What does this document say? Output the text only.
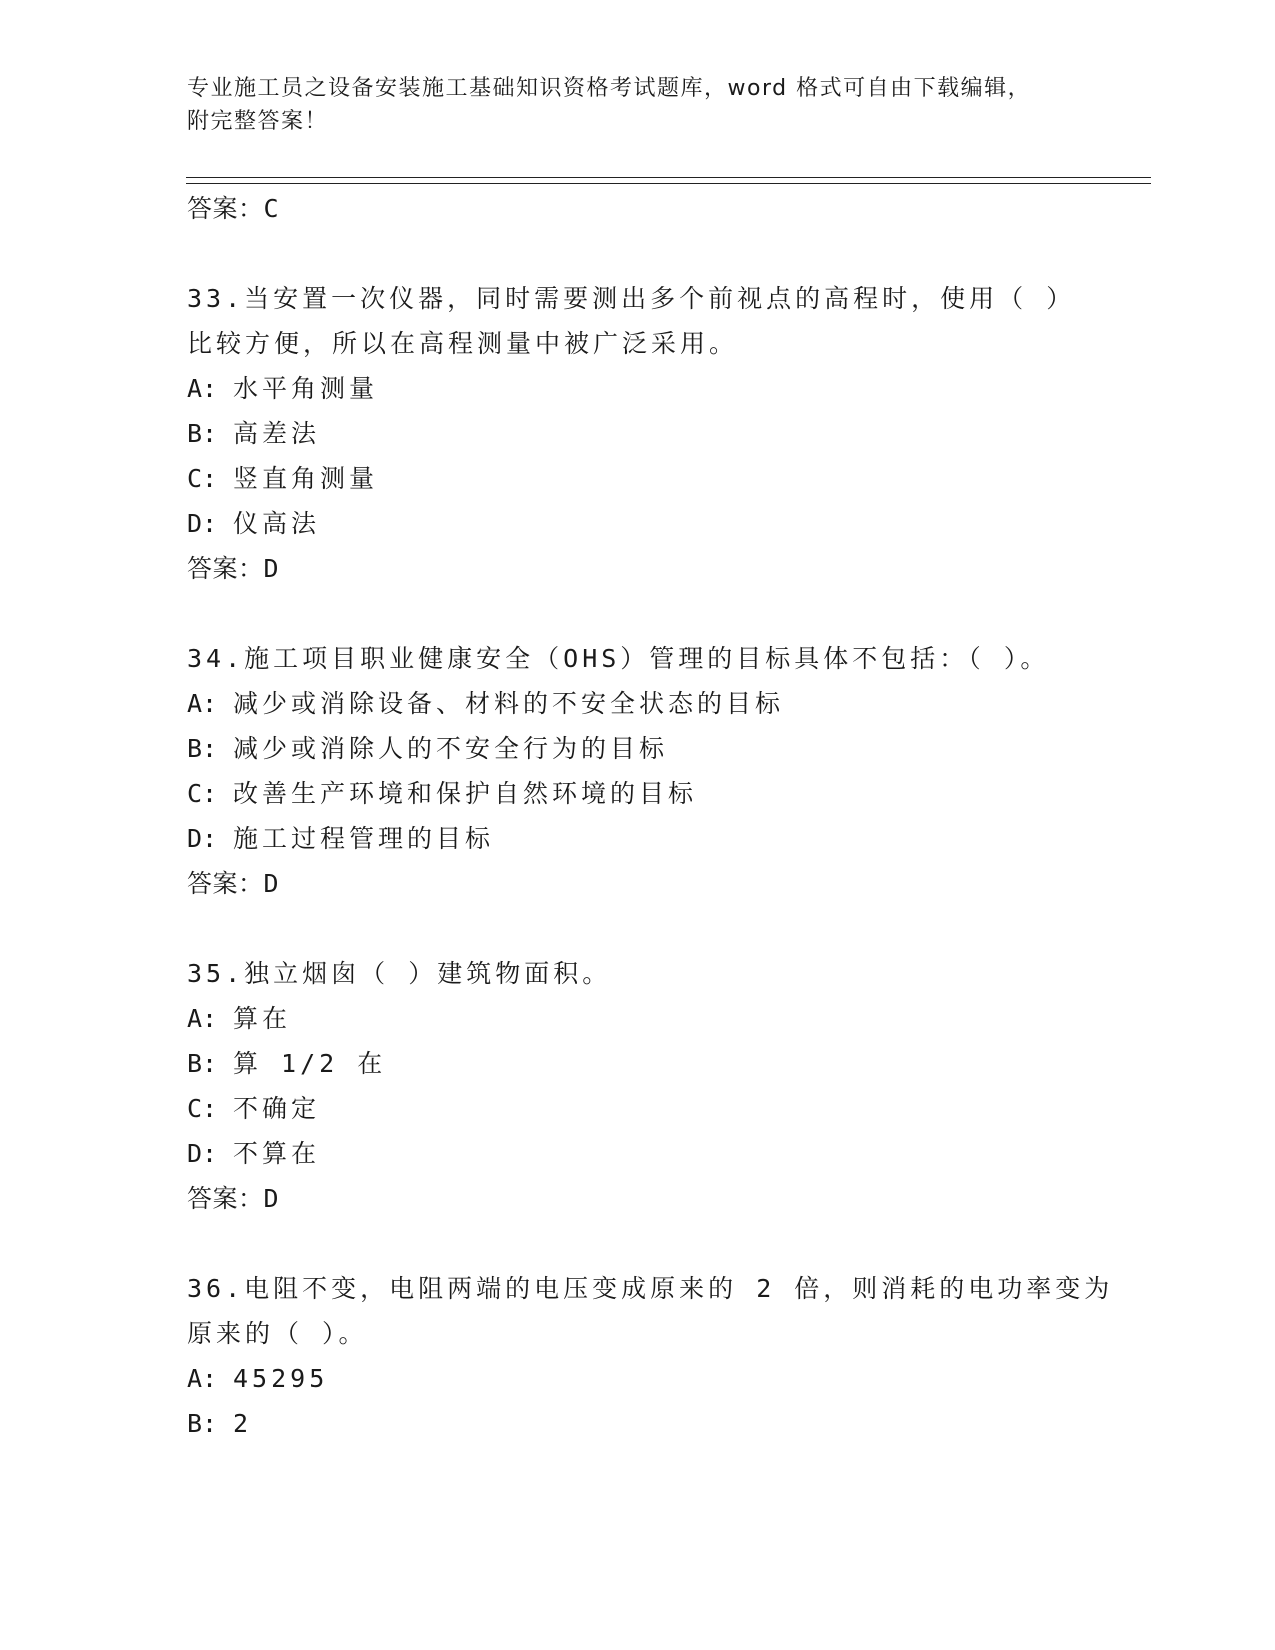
专业施工员之设备安装施工基础知识资格考试题库，word 格式可自由下载编辑，
附完整答案！
答案：C
33.当安置一次仪器，同时需要测出多个前视点的高程时，使用（ ）
比较方便，所以在高程测量中被广泛采用。
A: 水平角测量
B: 高差法
C: 竖直角测量
D: 仪高法
答案：D
34.施工项目职业健康安全（OHS）管理的目标具体不包括：（ ）。
A: 减少或消除设备、材料的不安全状态的目标
B: 减少或消除人的不安全行为的目标
C: 改善生产环境和保护自然环境的目标
D: 施工过程管理的目标
答案：D
35.独立烟囱（ ）建筑物面积。
A: 算在
B: 算 1/2 在
C: 不确定
D: 不算在
答案：D
36.电阻不变，电阻两端的电压变成原来的 2 倍，则消耗的电功率变为
原来的（ ）。
A: 45295
B: 2
